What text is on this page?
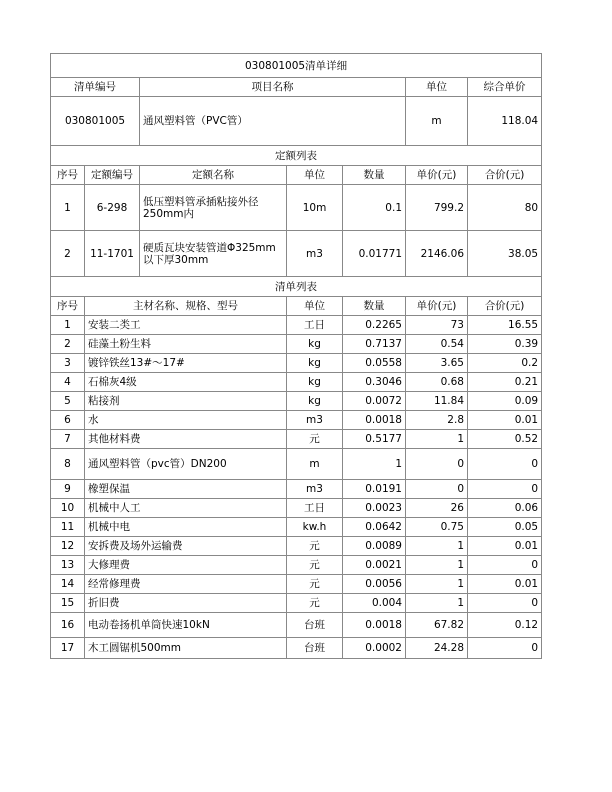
030801005清单详细						
清单编号		项目名称			单位	综合单价
030801005		通风塑料管（PVC管）			m	118.04
定额列表						
序号	定额编号	定额名称	单位	数量	单价(元)	合价(元)
1	6-298	低压塑料管承插粘接外径250mm内	10m	0.1	799.2	80
2	11-1701	硬质瓦块安装管道Φ325mm以下厚30mm	m3	0.01771	2146.06	38.05
清单列表						
序号	主材名称、规格、型号		单位	数量	单价(元)	合价(元)
1	安装二类工		工日	0.2265	73	16.55
2	硅藻土粉生料		kg	0.7137	0.54	0.39
3	镀锌铁丝13#～17#		kg	0.0558	3.65	0.2
4	石棉灰4级		kg	0.3046	0.68	0.21
5	粘接剂		kg	0.0072	11.84	0.09
6	水		m3	0.0018	2.8	0.01
7	其他材料费		元	0.5177	1	0.52
8	通风塑料管（pvc管）DN200		m	1	0	0
9	橡塑保温		m3	0.0191	0	0
10	机械中人工		工日	0.0023	26	0.06
11	机械中电		kw.h	0.0642	0.75	0.05
12	安拆费及场外运输费		元	0.0089	1	0.01
13	大修理费		元	0.0021	1	0
14	经常修理费		元	0.0056	1	0.01
15	折旧费		元	0.004	1	0
16	电动卷扬机单筒快速10kN		台班	0.0018	67.82	0.12
17	木工圆锯机500mm		台班	0.0002	24.28	0
